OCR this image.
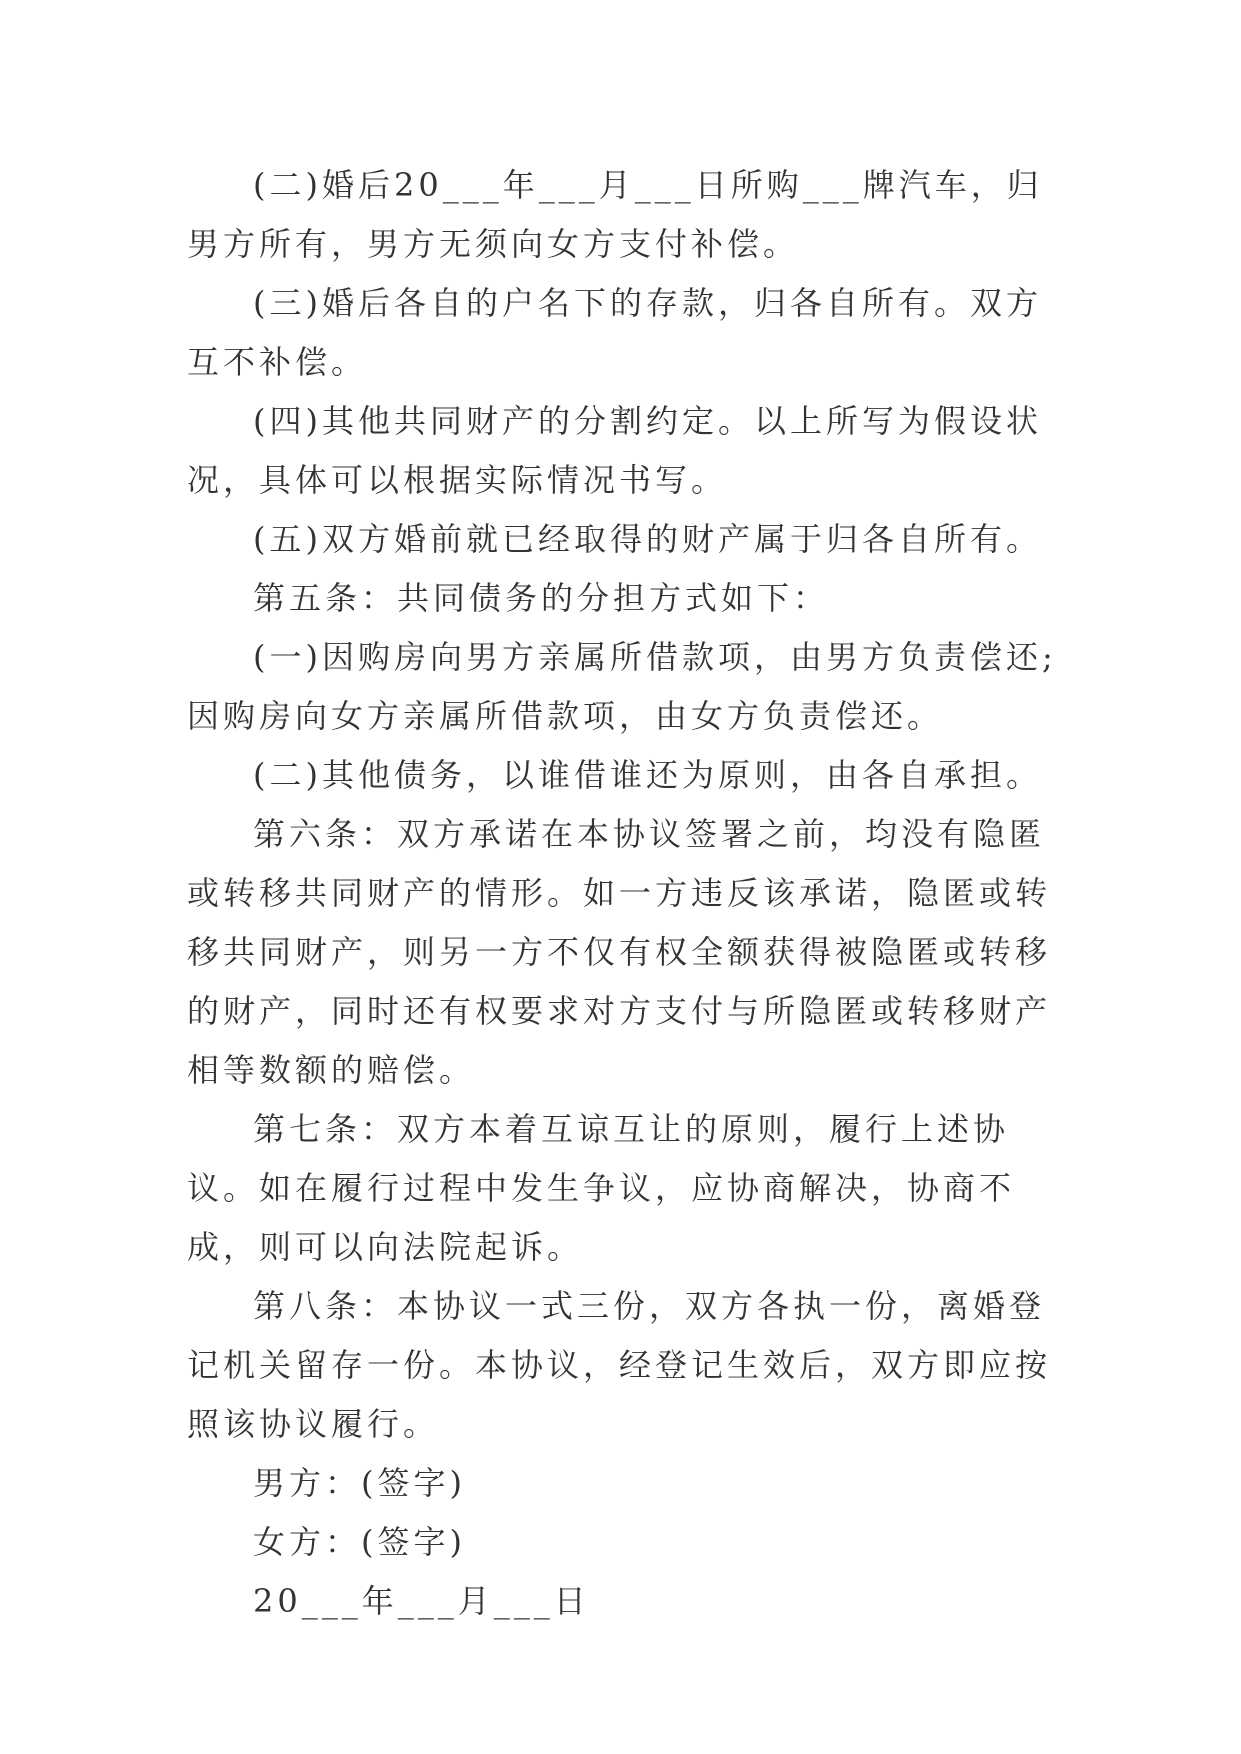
(二)婚后20___年___月___日所购___牌汽车，归男方所有，男方无须向女方支付补偿。

(三)婚后各自的户名下的存款，归各自所有。双方互不补偿。

(四)其他共同财产的分割约定。以上所写为假设状况，具体可以根据实际情况书写。

(五)双方婚前就已经取得的财产属于归各自所有。

第五条：共同债务的分担方式如下：

(一)因购房向男方亲属所借款项，由男方负责偿还;因购房向女方亲属所借款项，由女方负责偿还。

(二)其他债务，以谁借谁还为原则，由各自承担。

第六条：双方承诺在本协议签署之前，均没有隐匿或转移共同财产的情形。如一方违反该承诺，隐匿或转移共同财产，则另一方不仅有权全额获得被隐匿或转移的财产，同时还有权要求对方支付与所隐匿或转移财产相等数额的赔偿。

第七条：双方本着互谅互让的原则，履行上述协议。如在履行过程中发生争议，应协商解决，协商不成，则可以向法院起诉。

第八条：本协议一式三份，双方各执一份，离婚登记机关留存一份。本协议，经登记生效后，双方即应按照该协议履行。

男方：(签字)

女方：(签字)

20___年___月___日
